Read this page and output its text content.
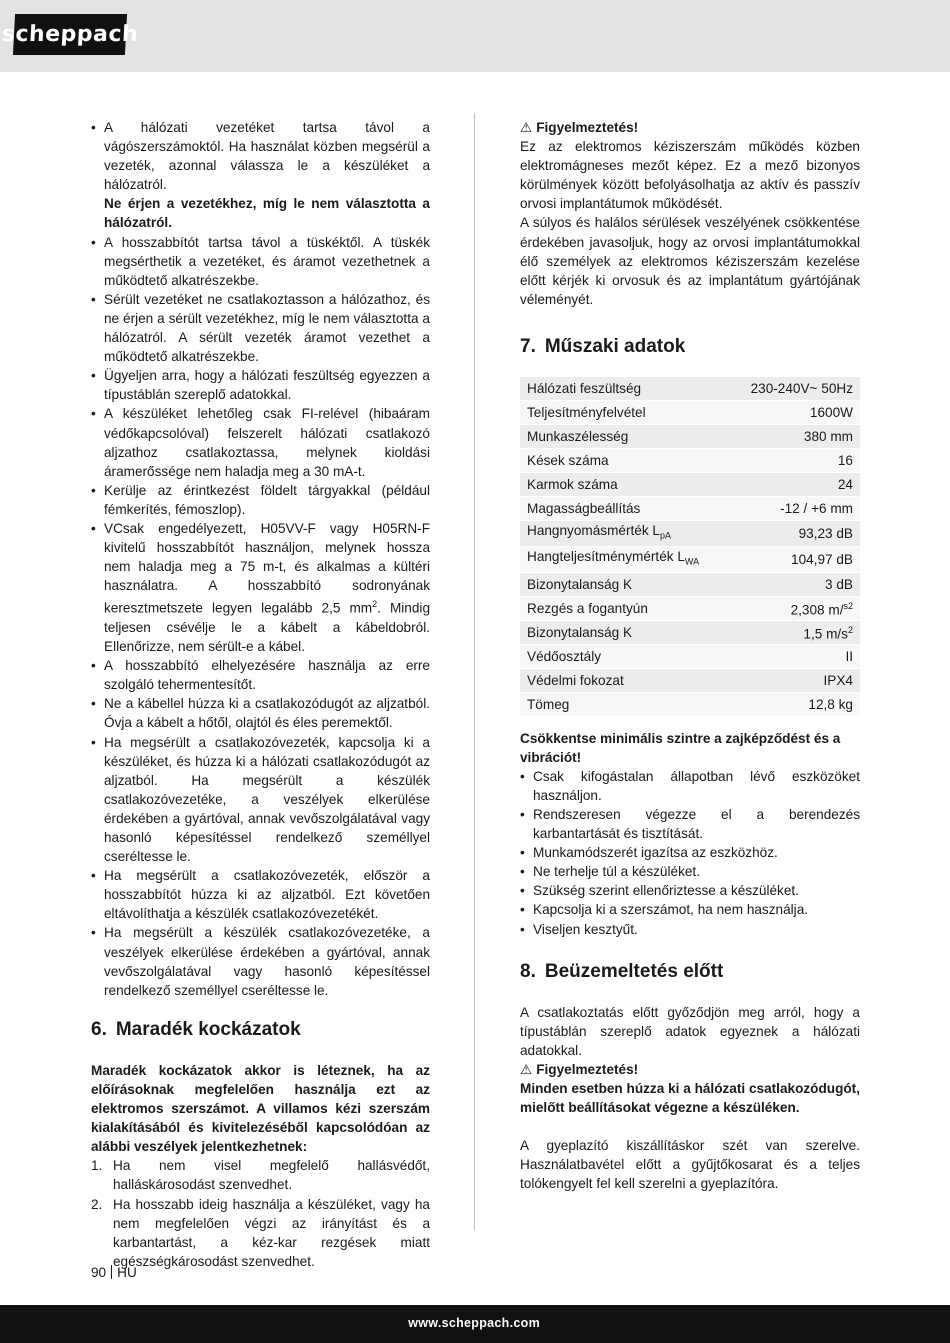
scheppach
• A hálózati vezetéket tartsa távol a vágószerszámoktól. Ha használat közben megsérül a vezeték, azonnal válassza le a készüléket a hálózatról.
Ne érjen a vezetékhez, míg le nem választotta a hálózatról.
• A hosszabbítót tartsa távol a tüskéktől. A tüskék megsérthetik a vezetéket, és áramot vezethetnek a működtető alkatrészekbe.
• Sérült vezetéket ne csatlakoztasson a hálózathoz, és ne érjen a sérült vezetékhez, míg le nem választotta a hálózatról. A sérült vezeték áramot vezethet a működtető alkatrészekbe.
• Ügyeljen arra, hogy a hálózati feszültség egyezzen a típustáblán szereplő adatokkal.
• A készüléket lehetőleg csak FI-relével (hibaáram védőkapcsolóval) felszerelt hálózati csatlakozó aljzathoz csatlakoztassa, melynek kioldási áramerőssége nem haladja meg a 30 mA-t.
• Kerülje az érintkezést földelt tárgyakkal (például fémkerítés, fémoszlop).
• VCsak engedélyezett, H05VV-F vagy H05RN-F kivitelű hosszabbítót használjon, melynek hossza nem haladja meg a 75 m-t, és alkalmas a kültéri használatra. A hosszabbító sodronyának keresztmetszete legyen legalább 2,5 $mm^2$. Mindig teljesen csévélje le a kábelt a kábeldobról. Ellenőrizze, nem sérült-e a kábel.
• A hosszabbító elhelyezésére használja az erre szolgáló tehermentesítőt.
• Ne a kábellel húzza ki a csatlakozódugót az aljzatból. Óvja a kábelt a hőtől, olajtól és éles peremektől.
• Ha megsérült a csatlakozóvezeték, kapcsolja ki a készüléket, és húzza ki a hálózati csatlakozódugót az aljzatból. Ha megsérült a készülék csatlakozóvezetéke, a veszélyek elkerülése érdekében a gyártóval, annak vevőszolgálatával vagy hasonló képesítéssel rendelkező személlyel cseréltesse le.
• Ha megsérült a csatlakozóvezeték, először a hosszabbítót húzza ki az aljzatból. Ezt követően eltávolíthatja a készülék csatlakozóvezetékét.
• Ha megsérült a készülék csatlakozóvezetéke, a veszélyek elkerülése érdekében a gyártóval, annak vevőszolgálatával vagy hasonló képesítéssel rendelkező személlyel cseréltesse le.
6. Maradék kockázatok

Maradék kockázatok akkor is léteznek, ha az előírásoknak megfelelően használja ezt az elektromos szerszámot. A villamos kézi szerszám kialakításából és kivitelezéséből kapcsolódóan az alábbi veszélyek jelentkezhetnek:

1. Ha nem visel megfelelő hallásvédőt, halláskárosodást szenvedhet.
2. Ha hosszabb ideig használja a készüléket, vagy ha nem megfelelően végzi az irányítást és a karbantartást, a kéz-kar rezgések miatt egészségkárosodást szenvedhet.

⚠ Figyelmeztetés!

Ez az elektromos kéziszerszám működés közben elektromágneses mezőt képez. Ez a mező bizonyos körülmények között befolyásolhatja az aktív és passzív orvosi implantátumok működését.

A súlyos és halálos sérülések veszélyének csökkentése érdekében javasoljuk, hogy az orvosi implantátumokkal élő személyek az elektromos kéziszerszám kezelése előtt kérjék ki orvosuk és az implantátum gyártójának véleményét.

7. Műszaki adatok
Hálózati feszültség	230-240V~ 50Hz
Teljesítményfelvétel	1600W
Munkaszélesség	380 mm
Kések száma	16
Karmok száma	24
Magasságbeállítás	-12 / +6 mm
Hangnyomásmérték $L_{pA}$	93,23 dB
Hangteljesítménymérték $L_{WA}$	104,97 dB
Bizonytalanság K	3 dB
Rezgés a fogantyún	2,308 m/$^{s2}$
Bizonytalanság K	1,5 $m/s^2$
Védőosztály	II
Védelmi fokozat	IPX4
Tömeg	12,8 kg

Csökkentse minimális szintre a zajképződést és a vibrációt!

• Csak kifogástalan állapotban lévő eszközöket használjon.
• Rendszeresen végezze el a berendezés karbantartását és tisztítását.
• Munkamódszerét igazítsa az eszközhöz.
• Ne terhelje túl a készüléket.
• Szükség szerint ellenőriztesse a készüléket.
• Kapcsolja ki a szerszámot, ha nem használja.
• Viseljen kesztyűt.
8. Beüzemeltetés előtt

A csatlakoztatás előtt győződjön meg arról, hogy a típustáblán szereplő adatok egyeznek a hálózati adatokkal.

⚠ Figyelmeztetés!

Minden esetben húzza ki a hálózati csatlakozódugót, mielőtt beállításokat végezne a készüléken.

A gyeplazító kiszállításkor szét van szerelve. Használatbavétel előtt a gyűjtőkosarat és a teljes tolókengyelt fel kell szerelni a gyeplazítóra.

90 HU
www.scheppach.com
